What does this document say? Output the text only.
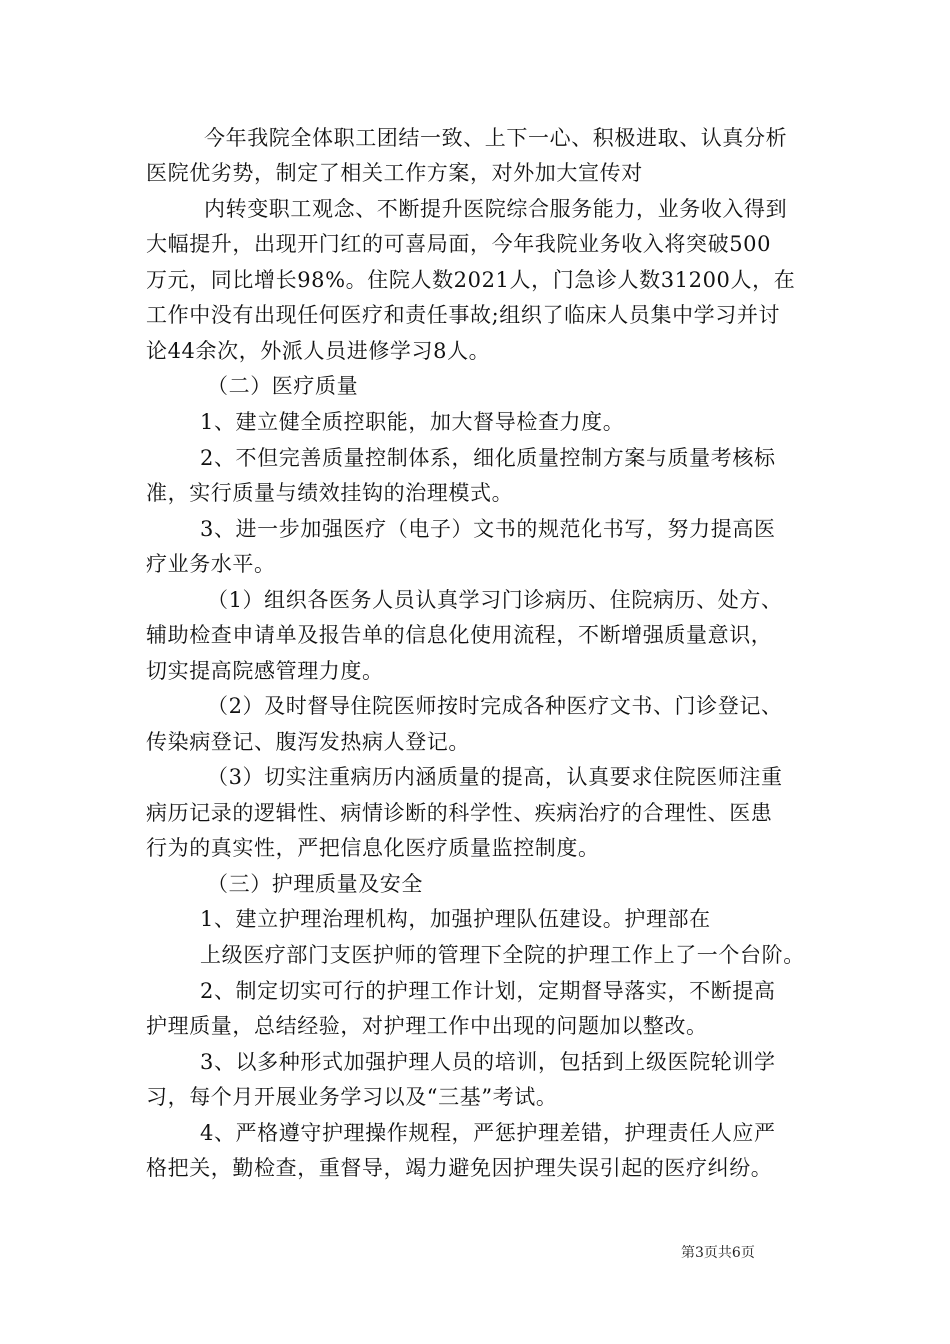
今年我院全体职工团结一致、上下一心、积极进取、认真分析
医院优劣势，制定了相关工作方案，对外加大宣传对
内转变职工观念、不断提升医院综合服务能力，业务收入得到
大幅提升，出现开门红的可喜局面，今年我院业务收入将突破500
万元，同比增长98%。住院人数2021人，门急诊人数31200人，在
工作中没有出现任何医疗和责任事故;组织了临床人员集中学习并讨
论44余次，外派人员进修学习8人。
（二）医疗质量
1、建立健全质控职能，加大督导检查力度。
2、不但完善质量控制体系，细化质量控制方案与质量考核标
准，实行质量与绩效挂钩的治理模式。
3、进一步加强医疗（电子）文书的规范化书写，努力提高医
疗业务水平。
（1）组织各医务人员认真学习门诊病历、住院病历、处方、
辅助检查申请单及报告单的信息化使用流程，不断增强质量意识，
切实提高院感管理力度。
（2）及时督导住院医师按时完成各种医疗文书、门诊登记、
传染病登记、腹泻发热病人登记。
（3）切实注重病历内涵质量的提高，认真要求住院医师注重
病历记录的逻辑性、病情诊断的科学性、疾病治疗的合理性、医患
行为的真实性，严把信息化医疗质量监控制度。
（三）护理质量及安全
1、建立护理治理机构，加强护理队伍建设。护理部在
上级医疗部门支医护师的管理下全院的护理工作上了一个台阶。
2、制定切实可行的护理工作计划，定期督导落实，不断提高
护理质量，总结经验，对护理工作中出现的问题加以整改。
3、以多种形式加强护理人员的培训，包括到上级医院轮训学
习，每个月开展业务学习以及“三基”考试。
4、严格遵守护理操作规程，严惩护理差错，护理责任人应严
格把关，勤检查，重督导，竭力避免因护理失误引起的医疗纠纷。
第3页共6页
